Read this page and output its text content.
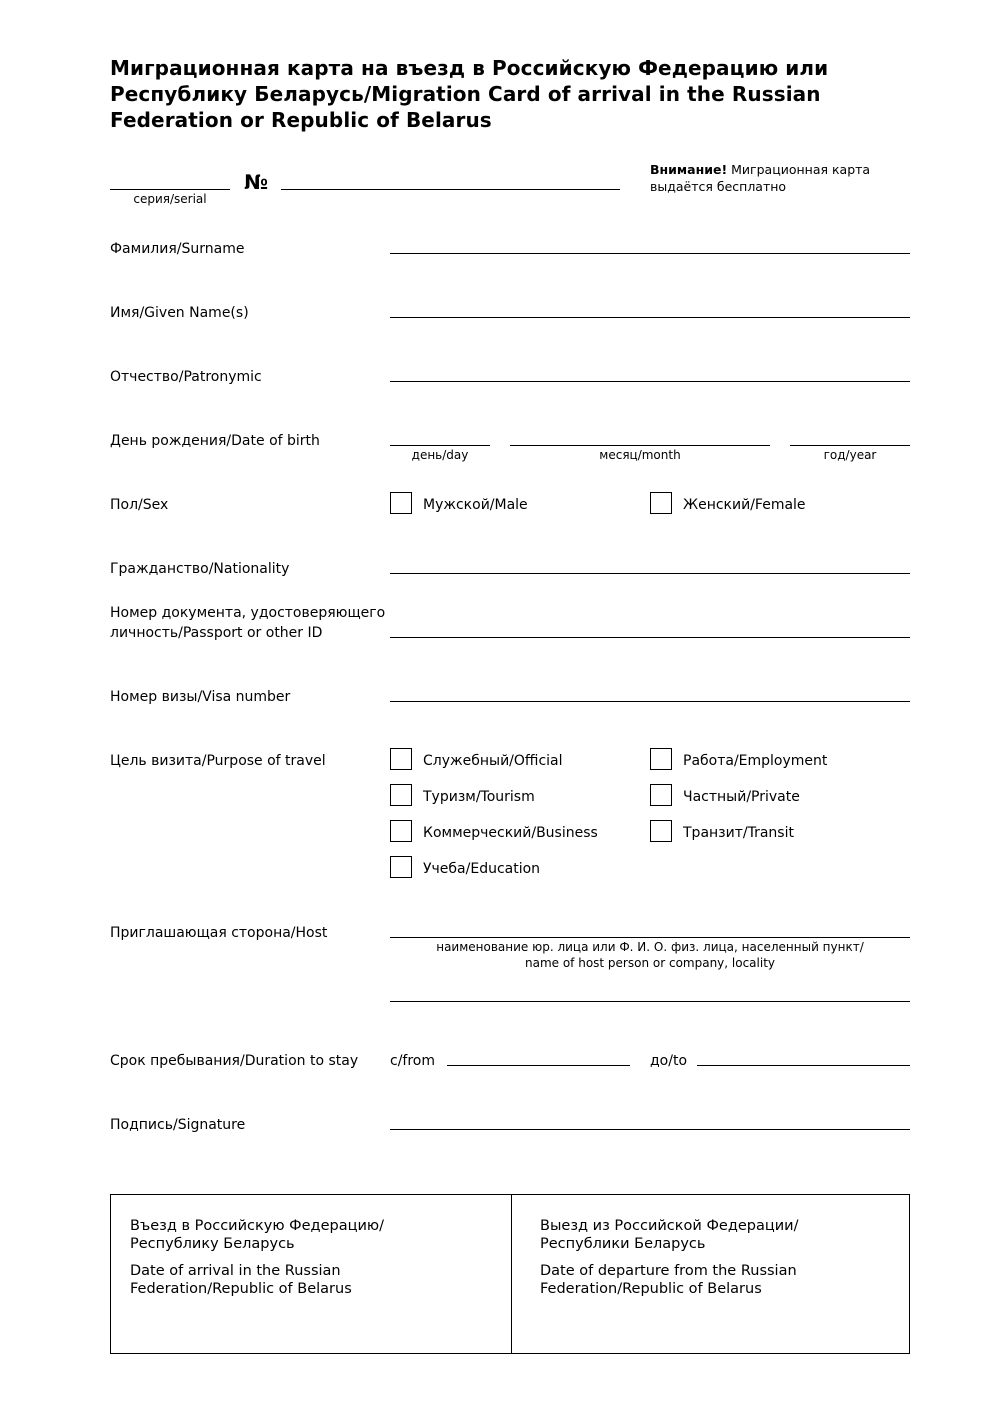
Миграционная карта на въезд в Российскую Федерацию или Республику Беларусь/Migration Card of arrival in the Russian Federation or Republic of Belarus
серия/serial
№
Внимание! Миграционная карта выдаётся бесплатно
Фамилия/Surname
Имя/Given Name(s)
Отчество/Patronymic
День рождения/Date of birth
день/day	месяц/month	год/year
Пол/Sex	Мужской/Male	Женский/Female
Гражданство/Nationality
Номер документа, удостоверяющего
личность/Passport or other ID
Номер визы/Visa number
Цель визита/Purpose of travel	Служебный/Official	Работа/Employment
Туризм/Tourism	Частный/Private
Коммерческий/Business	Транзит/Transit
Учеба/Education
Приглашающая сторона/Host
наименование юр. лица или Ф. И. О. физ. лица, населенный пункт/
name of host person or company, locality
Срок пребывания/Duration to stay с/from	до/to
Подпись/Signature

Въезд в Российскую Федерацию/
Республику Беларусь

Date of arrival in the Russian
Federation/Republic of Belarus

Выезд из Российской Федерации/
Республики Беларусь

Date of departure from the Russian
Federation/Republic of Belarus
